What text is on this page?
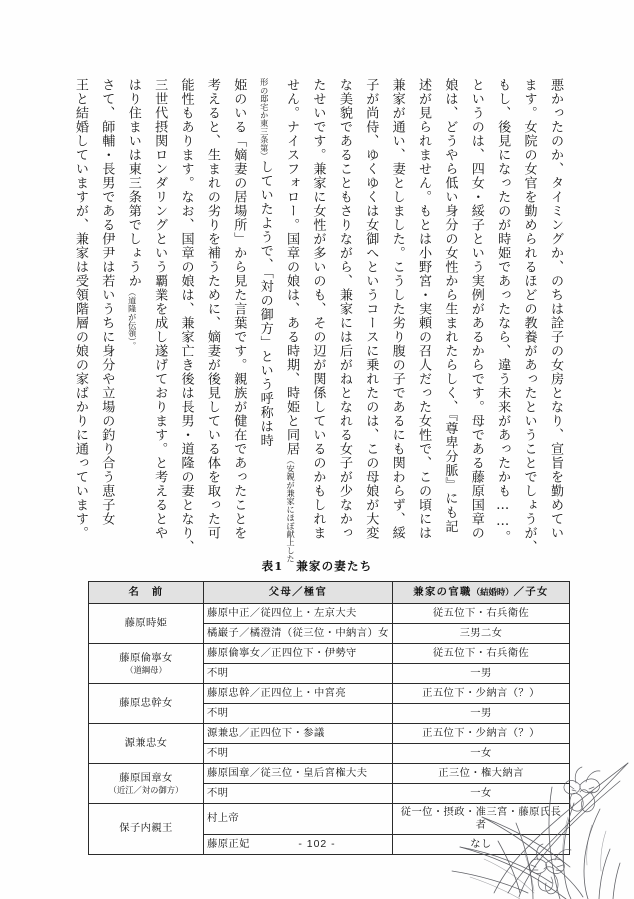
悪かったのか、タイミングか、のちは詮子の女房となり、宣旨を勤めてい
ます。女院の女官を勤められるほどの教養があったということでしょうが、
もし、後見になったのが時姫であったなら、違う未来があったかも……。
というのは、四女・綏子という実例があるからです。母である藤原国章の
娘は、どうやら低い身分の女性から生まれたらしく、『尊卑分脈』にも記
述が見られません。もとは小野宮・実頼の召人だった女性で、この頃には
兼家が通い、妻としました。こうした劣り腹の子であるにも関わらず、綏
子が尚侍、ゆくゆくは女御へというコースに乗れたのは、この母娘が大変
な美貌であることもさりながら、兼家には后がねとなれる女子が少なかっ
たせいです。兼家に女性が多いのも、その辺が関係しているのかもしれま
せん。ナイスフォロー。国章の娘は、ある時期、時姫と同居（安親が兼家にほぼ献上した
形の邸宅か東三条第）していたようで、「対の御方」という呼称は時
姫のいる「嫡妻の居場所」から見た言葉です。親族が健在であったことを
考えると、生まれの劣りを補うために、嫡妻が後見している体を取った可
能性もあります。なお、国章の娘は、兼家亡き後は長男・道隆の妻となり、
三世代摂関ロンダリングという覇業を成し遂げております。と考えるとや
はり住まいは東三条第でしょうか（道隆が伝領）。
さて、師輔・長男である伊尹は若いうちに身分や立場の釣り合う恵子女
王と結婚していますが、兼家は受領階層の娘の家ばかりに通っています。
表1　兼家の妻たち
名　前	父母／極官	兼家の官職（結婚時）／子女
藤原時姫	藤原中正／従四位上・左京大夫	従五位下・右兵衛佐
	橘巌子／橘澄清（従三位・中納言）女	三男二女
藤原倫寧女
（道綱母）	藤原倫寧女／正四位下・伊勢守	従五位下・右兵衛佐
	不明	一男
藤原忠幹女	藤原忠幹／正四位上・中宮亮	正五位下・少納言（？）
	不明	一男
源兼忠女	源兼忠／正四位下・参議	正五位下・少納言（？）
	不明	一女
藤原国章女
（近江／対の御方）	藤原国章／従三位・皇后宮権大夫	正三位・権大納言
	不明	一女
保子内親王	村上帝	従一位・摂政・准三宮・藤原氏長者
	藤原正妃	なし
- 102 -
